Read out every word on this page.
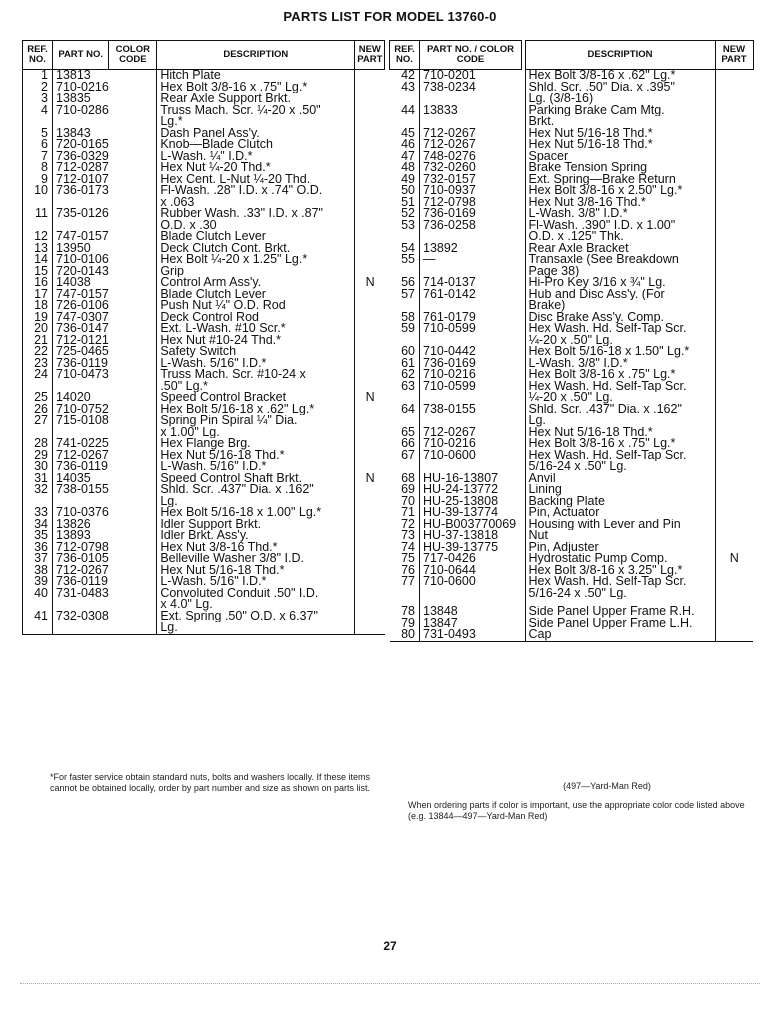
PARTS LIST FOR MODEL 13760-0
REF. NO.	PART NO.	COLOR CODE	DESCRIPTION	NEW PART
1	13813		Hitch Plate	
2	710-0216		Hex Bolt 3/8-16 x .75" Lg.*	
3	13835		Rear Axle Support Brkt.	
4	710-0286		Truss Mach. Scr. ¼-20 x .50"	
			Lg.*	
5	13843		Dash Panel Ass'y.	
6	720-0165		Knob—Blade Clutch	
7	736-0329		L-Wash. ¼" I.D.*	
8	712-0287		Hex Nut ¼-20 Thd.*	
9	712-0107		Hex Cent. L-Nut ¼-20 Thd.	
10	736-0173		Fl-Wash. .28" I.D. x .74" O.D.	
			x .063	
11	735-0126		Rubber Wash. .33" I.D. x .87"	
			O.D. x .30	
12	747-0157		Blade Clutch Lever	
13	13950		Deck Clutch Cont. Brkt.	
14	710-0106		Hex Bolt ¼-20 x 1.25" Lg.*	
15	720-0143		Grip	
16	14038		Control Arm Ass'y.	N
17	747-0157		Blade Clutch Lever	
18	726-0106		Push Nut ¼" O.D. Rod	
19	747-0307		Deck Control Rod	
20	736-0147		Ext. L-Wash. #10 Scr.*	
21	712-0121		Hex Nut #10-24 Thd.*	
22	725-0465		Safety Switch	
23	736-0119		L-Wash. 5/16" I.D.*	
24	710-0473		Truss Mach. Scr. #10-24 x	
			.50" Lg.*	
25	14020		Speed Control Bracket	N
26	710-0752		Hex Bolt 5/16-18 x .62" Lg.*	
27	715-0108		Spring Pin Spiral ¼" Dia.	
			x 1.00" Lg.	
28	741-0225		Hex Flange Brg.	
29	712-0267		Hex Nut 5/16-18 Thd.*	
30	736-0119		L-Wash. 5/16" I.D.*	
31	14035		Speed Control Shaft Brkt.	N
32	738-0155		Shld. Scr. .437" Dia. x .162"	
			Lg.	
33	710-0376		Hex Bolt 5/16-18 x 1.00" Lg.*	
34	13826		Idler Support Brkt.	
35	13893		Idler Brkt. Ass'y.	
36	712-0798		Hex Nut 3/8-16 Thd.*	
37	736-0105		Belleville Washer 3/8" I.D.	
38	712-0267		Hex Nut 5/16-18 Thd.*	
39	736-0119		L-Wash. 5/16" I.D.*	
40	731-0483		Convoluted Conduit .50" I.D.	
			x 4.0" Lg.	
41	732-0308		Ext. Spring .50" O.D. x 6.37"	
			Lg.	
REF. NO.	PART NO. / COLOR CODE		DESCRIPTION	NEW PART
42	710-0201		Hex Bolt 3/8-16 x .62" Lg.*	
43	738-0234		Shld. Scr. .50" Dia. x .395"	
			Lg. (3/8-16)	
44	13833		Parking Brake Cam Mtg.	
			Brkt.	
45	712-0267		Hex Nut 5/16-18 Thd.*	
46	712-0267		Hex Nut 5/16-18 Thd.*	
47	748-0276		Spacer	
48	732-0260		Brake Tension Spring	
49	732-0157		Ext. Spring—Brake Return	
50	710-0937		Hex Bolt 3/8-16 x 2.50" Lg.*	
51	712-0798		Hex Nut 3/8-16 Thd.*	
52	736-0169		L-Wash. 3/8" I.D.*	
53	736-0258		Fl-Wash. .390" I.D. x 1.00"	
			O.D. x .125" Thk.	
54	13892		Rear Axle Bracket	
55	—		Transaxle (See Breakdown	
			Page 38)	
56	714-0137		Hi-Pro Key 3/16 x ¾" Lg.	
57	761-0142		Hub and Disc Ass'y. (For	
			Brake)	
58	761-0179		Disc Brake Ass'y. Comp.	
59	710-0599		Hex Wash. Hd. Self-Tap Scr.	
			¼-20 x .50" Lg.	
60	710-0442		Hex Bolt 5/16-18 x 1.50" Lg.*	
61	736-0169		L-Wash. 3/8" I.D.*	
62	710-0216		Hex Bolt 3/8-16 x .75" Lg.*	
63	710-0599		Hex Wash. Hd. Self-Tap Scr.	
			¼-20 x .50" Lg.	
64	738-0155		Shld. Scr. .437" Dia. x .162"	
			Lg.	
65	712-0267		Hex Nut 5/16-18 Thd.*	
66	710-0216		Hex Bolt 3/8-16 x .75" Lg.*	
67	710-0600		Hex Wash. Hd. Self-Tap Scr.	
			5/16-24 x .50" Lg.	
68	HU-16-13807		Anvil	
69	HU-24-13772		Lining	
70	HU-25-13808		Backing Plate	
71	HU-39-13774		Pin, Actuator	
72	HU-B003770069		Housing with Lever and Pin	
73	HU-37-13818		Nut	
74	HU-39-13775		Pin, Adjuster	
75	717-0426		Hydrostatic Pump Comp.	N
76	710-0644		Hex Bolt 3/8-16 x 3.25" Lg.*	
77	710-0600		Hex Wash. Hd. Self-Tap Scr.	
			5/16-24 x .50" Lg.	

78	13848		Side Panel Upper Frame R.H.	
79	13847		Side Panel Upper Frame L.H.	
80	731-0493		Cap	
*For faster service obtain standard nuts, bolts and washers locally. If these items cannot be obtained locally, order by part number and size as shown on parts list.	(497—Yard-Man Red)
When ordering parts if color is important, use the appropriate color code listed above (e.g. 13844—497—Yard-Man Red)
27
